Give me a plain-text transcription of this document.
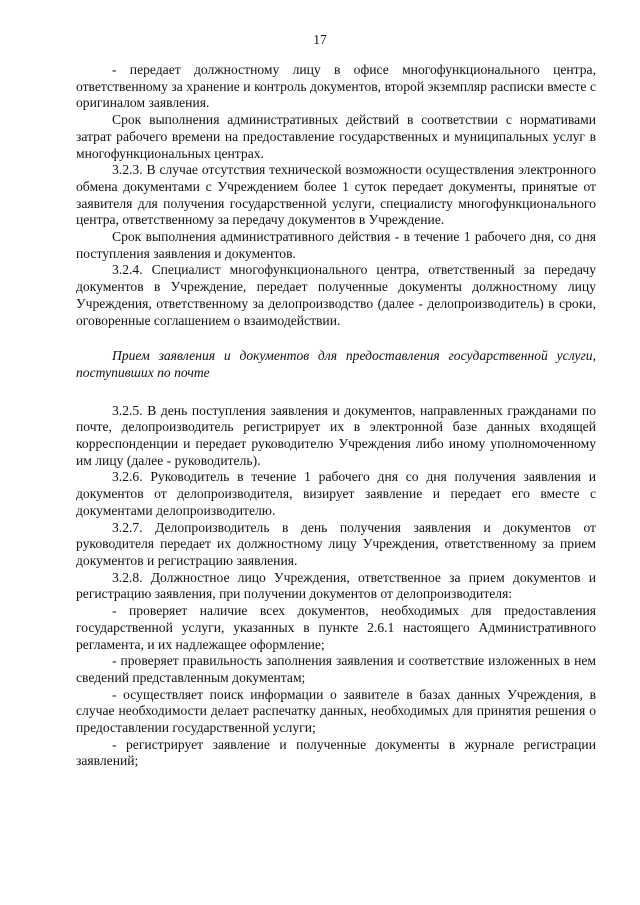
17

- передает должностному лицу в офисе многофункционального центра, ответственному за хранение и контроль документов, второй экземпляр расписки вместе с оригиналом заявления.

Срок выполнения административных действий в соответствии с нормативами затрат рабочего времени на предоставление государственных и муниципальных услуг в многофункциональных центрах.

3.2.3. В случае отсутствия технической возможности осуществления электронного обмена документами с Учреждением более 1 суток передает документы, принятые от заявителя для получения государственной услуги, специалисту многофункционального центра, ответственному за передачу документов в Учреждение.

Срок выполнения административного действия - в течение 1 рабочего дня, со дня поступления заявления и документов.

3.2.4. Специалист многофункционального центра, ответственный за передачу документов в Учреждение, передает полученные документы должностному лицу Учреждения, ответственному за делопроизводство (далее - делопроизводитель) в сроки, оговоренные соглашением о взаимодействии.

Прием заявления и документов для предоставления государственной услуги, поступивших по почте

3.2.5. В день поступления заявления и документов, направленных гражданами по почте, делопроизводитель регистрирует их в электронной базе данных входящей корреспонденции и передает руководителю Учреждения либо иному уполномоченному им лицу (далее - руководитель).

3.2.6. Руководитель в течение 1 рабочего дня со дня получения заявления и документов от делопроизводителя, визирует заявление и передает его вместе с документами делопроизводителю.

3.2.7. Делопроизводитель в день получения заявления и документов от руководителя передает их должностному лицу Учреждения, ответственному за прием документов и регистрацию заявления.

3.2.8. Должностное лицо Учреждения, ответственное за прием документов и регистрацию заявления, при получении документов от делопроизводителя:

- проверяет наличие всех документов, необходимых для предоставления государственной услуги, указанных в пункте 2.6.1 настоящего Административного регламента, и их надлежащее оформление;

- проверяет правильность заполнения заявления и соответствие изложенных в нем сведений представленным документам;

- осуществляет поиск информации о заявителе в базах данных Учреждения, в случае необходимости делает распечатку данных, необходимых для принятия решения о предоставлении государственной услуги;

- регистрирует заявление и полученные документы в журнале регистрации заявлений;
